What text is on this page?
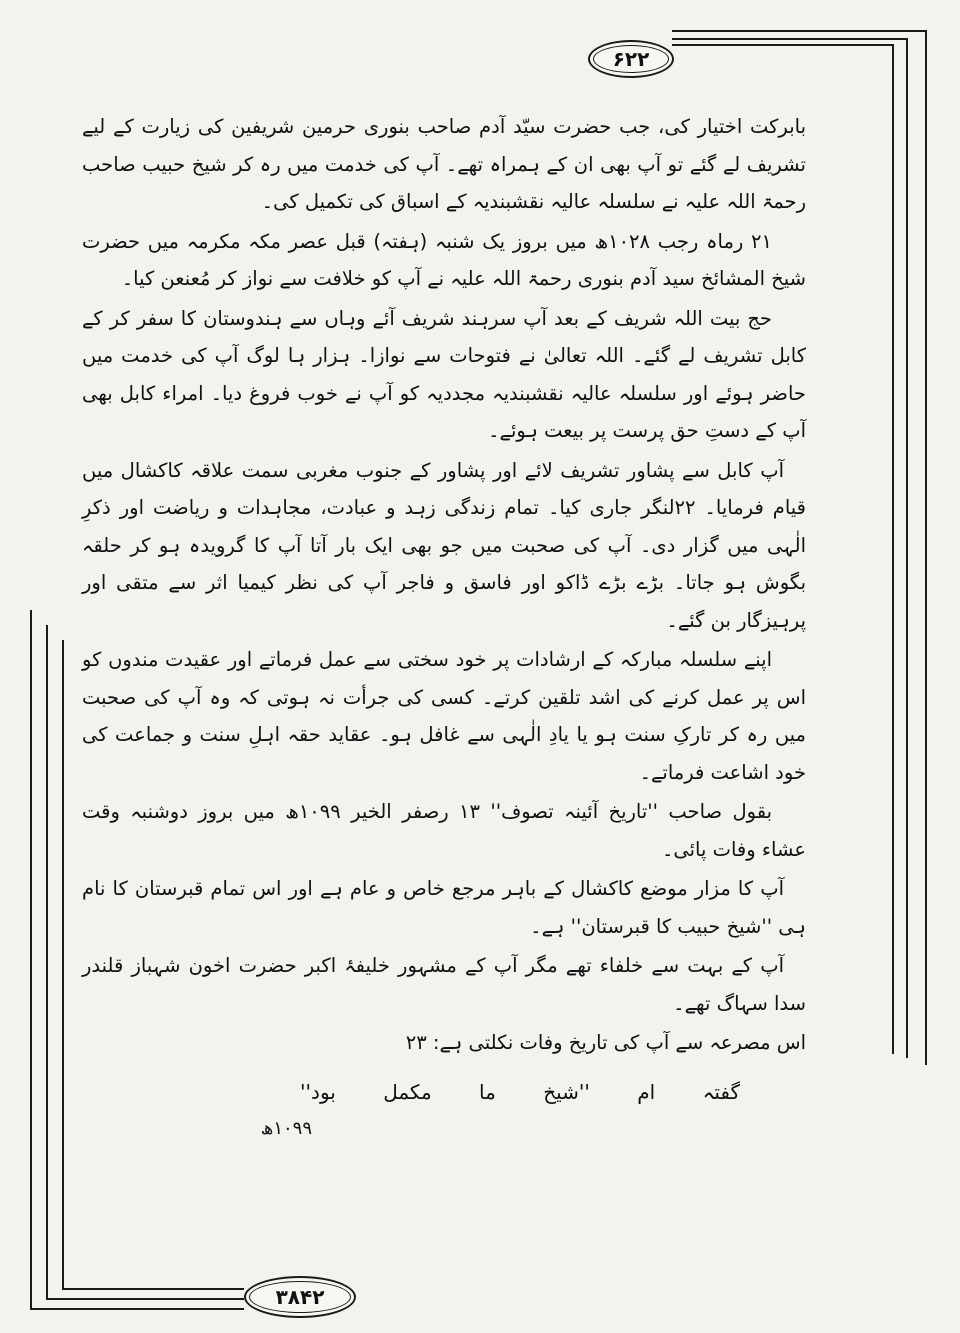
۶۲۲
۳۸۴۲

بابرکت اختیار کی، جب حضرت سیّد آدم صاحب بنوری حرمین شریفین کی زیارت کے لیے تشریف لے گئے تو آپ بھی ان کے ہمراہ تھے۔ آپ کی خدمت میں رہ کر شیخ حبیب صاحب رحمۃ اللہ علیہ نے سلسلہ عالیہ نقشبندیہ کے اسباق کی تکمیل کی۔

۲۱ رماہ رجب ۱۰۲۸ھ میں بروز یک شنبہ (ہفتہ) قبل عصر مکہ مکرمہ میں حضرت شیخ المشائخ سید آدم بنوری رحمۃ اللہ علیہ نے آپ کو خلافت سے نواز کر مُعنعن کیا۔

حج بیت اللہ شریف کے بعد آپ سرہند شریف آئے وہاں سے ہندوستان کا سفر کر کے کابل تشریف لے گئے۔ اللہ تعالیٰ نے فتوحات سے نوازا۔ ہزار ہا لوگ آپ کی خدمت میں حاضر ہوئے اور سلسلہ عالیہ نقشبندیہ مجددیہ کو آپ نے خوب فروغ دیا۔ امراء کابل بھی آپ کے دستِ حق پرست پر بیعت ہوئے۔

آپ کابل سے پشاور تشریف لائے اور پشاور کے جنوب مغربی سمت علاقہ کاکشال میں قیام فرمایا۔ ۲۲لنگر جاری کیا۔ تمام زندگی زہد و عبادت، مجاہدات و ریاضت اور ذکرِ الٰہی میں گزار دی۔ آپ کی صحبت میں جو بھی ایک بار آتا آپ کا گرویدہ ہو کر حلقہ بگوش ہو جاتا۔ بڑے بڑے ڈاکو اور فاسق و فاجر آپ کی نظر کیمیا اثر سے متقی اور پرہیزگار بن گئے۔

اپنے سلسلہ مبارکہ کے ارشادات پر خود سختی سے عمل فرماتے اور عقیدت مندوں کو اس پر عمل کرنے کی اشد تلقین کرتے۔ کسی کی جرأت نہ ہوتی کہ وہ آپ کی صحبت میں رہ کر تارکِ سنت ہو یا یادِ الٰہی سے غافل ہو۔ عقاید حقہ اہلِ سنت و جماعت کی خود اشاعت فرماتے۔

بقول صاحب ''تاریخ آئینہ تصوف'' ۱۳ رصفر الخیر ۱۰۹۹ھ میں بروز دوشنبہ وقت عشاء وفات پائی۔

آپ کا مزار موضع کاکشال کے باہر مرجع خاص و عام ہے اور اس تمام قبرستان کا نام ہی ''شیخ حبیب کا قبرستان'' ہے۔

آپ کے بہت سے خلفاء تھے مگر آپ کے مشہور خلیفۂ اکبر حضرت اخون شہباز قلندر سدا سہاگ تھے۔

اس مصرعہ سے آپ کی تاریخ وفات نکلتی ہے: ۲۳

گفتہ
ام
''شیخ
ما
مکمل
بود''
۱۰۹۹ھ
